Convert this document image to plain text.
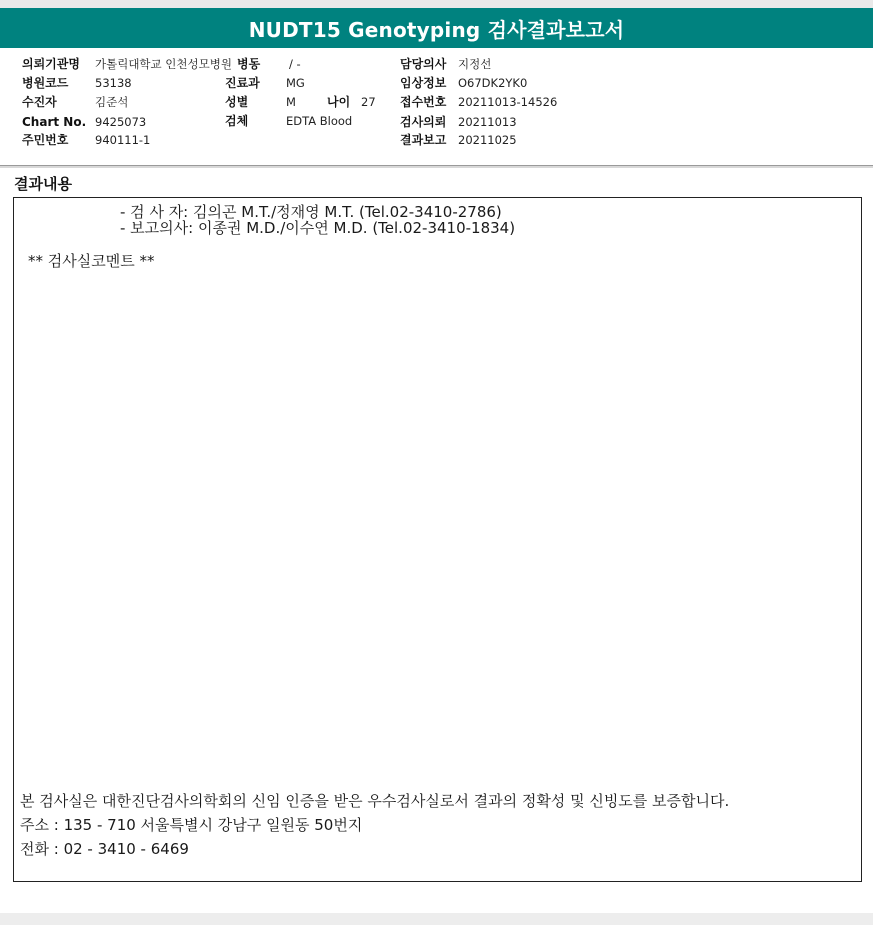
NUDT15 Genotyping 검사결과보고서
의뢰기관명 가톨릭대학교 인천성모병원 병동	/ -	담당의사 지정선
병원코드 53138	진료과 MG	임상정보 O67DK2YK0
수진자	김준석	성별	M	나이 27 접수번호 20211013-14526
Chart No. 9425073	검체	EDTA Blood	검사의뢰 20211013
주민번호 940111-1	결과보고 20211025
결과내용
- 검 사 자: 김의곤 M.T./정재영 M.T. (Tel.02-3410-2786)
- 보고의사: 이종권 M.D./이수연 M.D. (Tel.02-3410-1834)
** 검사실코멘트 **
본 검사실은 대한진단검사의학회의 신임 인증을 받은 우수검사실로서 결과의 정확성 및 신빙도를 보증합니다.
주소 : 135 - 710 서울특별시 강남구 일원동 50번지
전화 : 02 - 3410 - 6469
